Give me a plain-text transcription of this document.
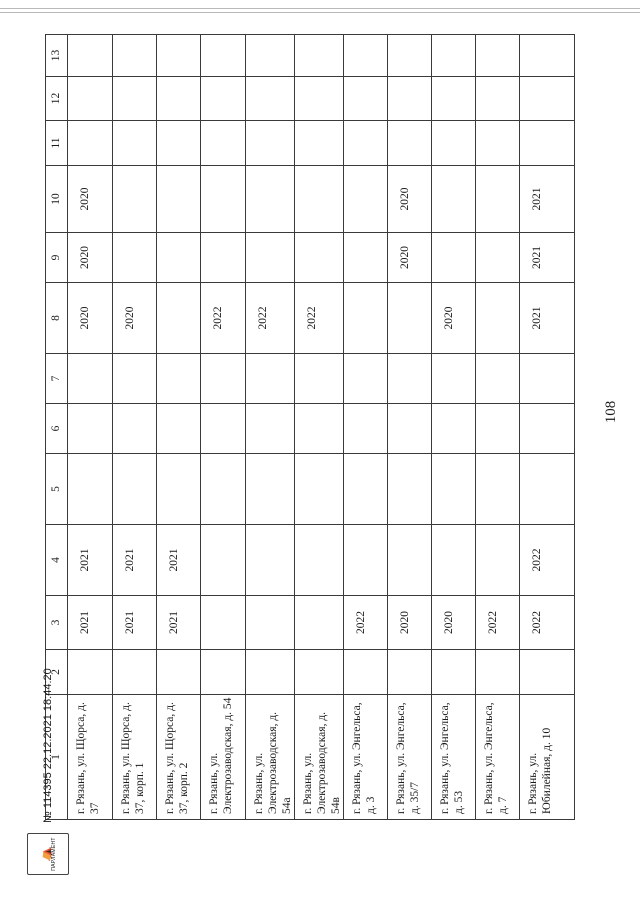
108
1	2	3	4	5	6	7	8	9	10	11	12	13
г. Рязань, ул. Щорса, д. 37		2021	2021				2020	2020	2020			
г. Рязань, ул. Щорса, д. 37, корп. 1		2021	2021				2020					
г. Рязань, ул. Щорса, д. 37, корп. 2		2021	2021									
г. Рязань, ул. Электрозаводская, д. 54							2022					
г. Рязань, ул. Электрозаводская, д. 54а							2022					
г. Рязань, ул. Электрозаводская, д. 54в							2022					
г. Рязань, ул. Энгельса, д. 3		2022										
г. Рязань, ул. Энгельса, д. 35/7		2020						2020	2020			
г. Рязань, ул. Энгельса, д. 53		2020					2020					
г. Рязань, ул. Энгельса, д. 7		2022										
г. Рязань, ул. Юбилейная, д. 10		2022	2022				2021	2021	2021			
⛺ ПАРЛАМЕНТ
№ 114395 22.12.2021 18:44:20
